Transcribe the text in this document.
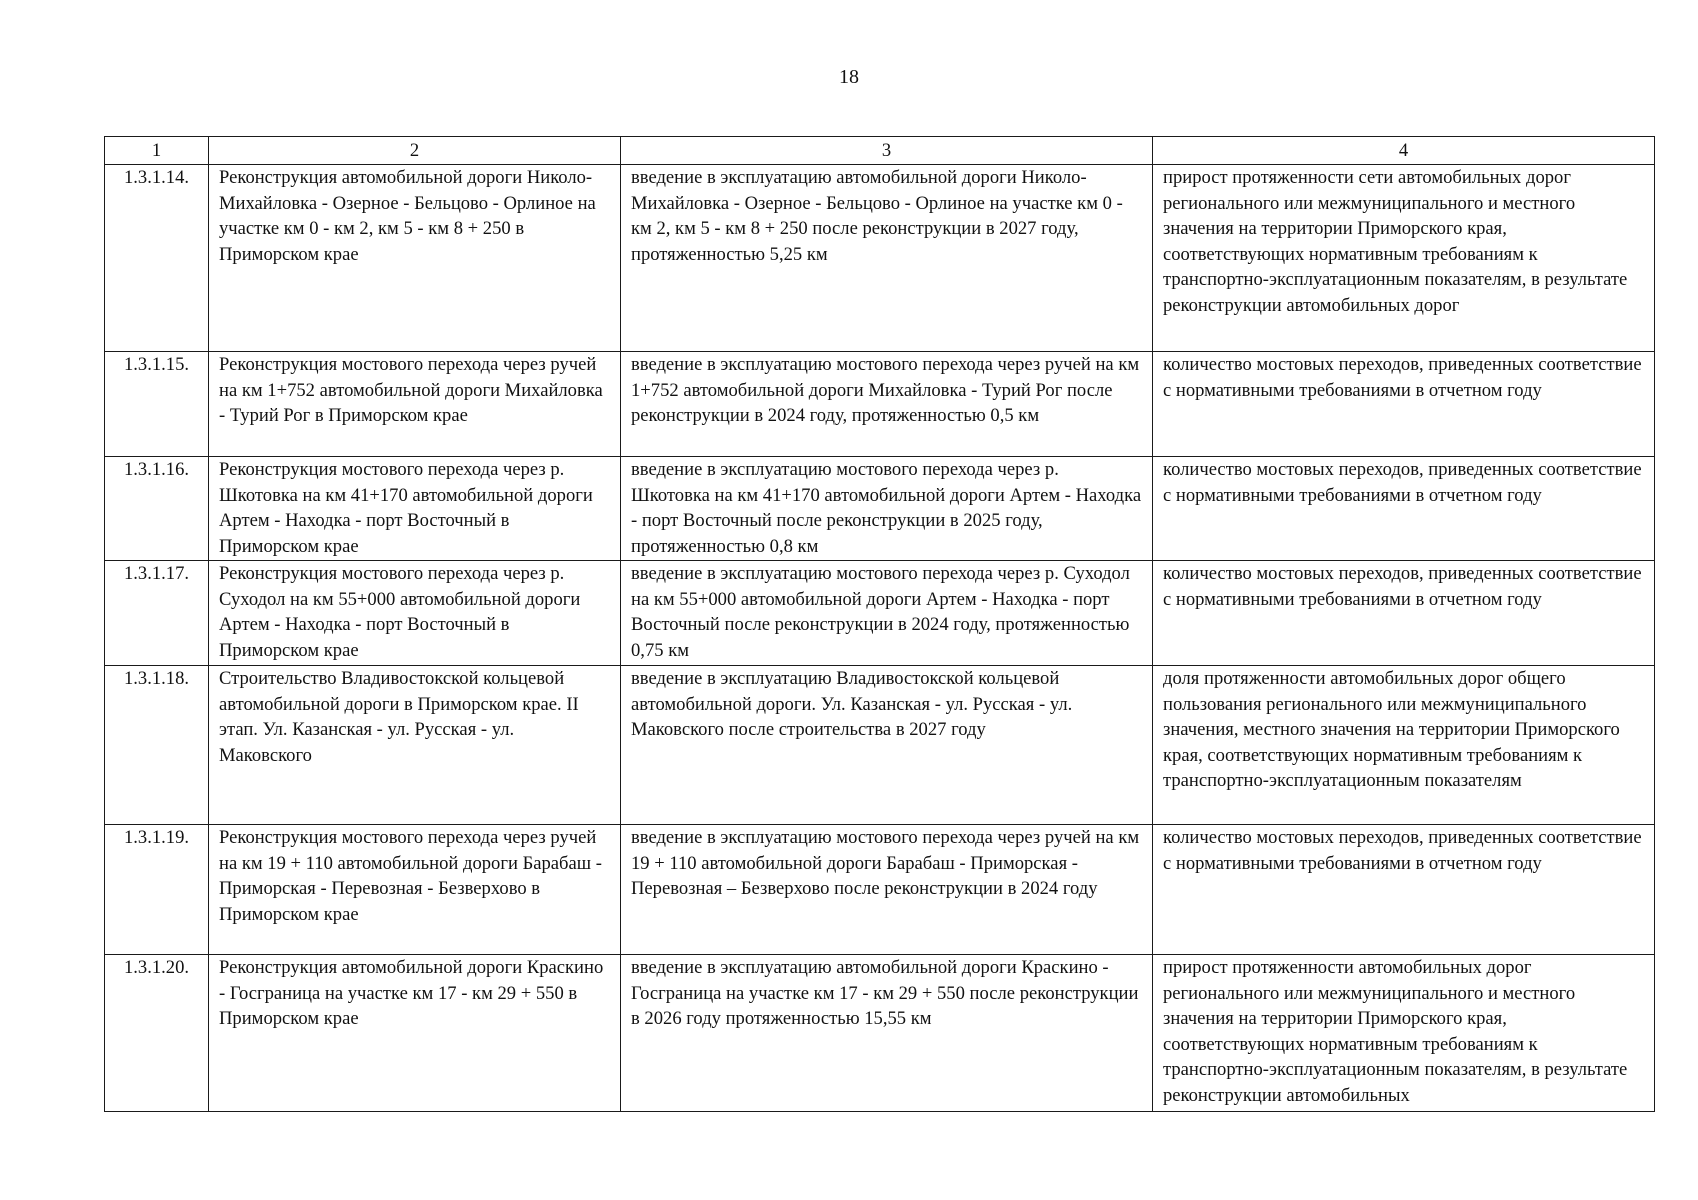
18
1	2	3	4
1.3.1.14.	Реконструкция автомобильной дороги Николо-Михайловка - Озерное - Бельцово - Орлиное на участке км 0 - км 2, км 5 - км 8 + 250 в Приморском крае	введение в эксплуатацию автомобильной дороги Николо-Михайловка - Озерное - Бельцово - Орлиное на участке км 0 - км 2, км 5 - км 8 + 250 после реконструкции в 2027 году, протяженностью 5,25 км	прирост протяженности сети автомобильных дорог регионального или межмуниципального и местного значения на территории Приморского края, соответствующих нормативным требованиям к транспортно-эксплуатационным показателям, в результате реконструкции автомобильных дорог
1.3.1.15.	Реконструкция мостового перехода через ручей на км 1+752 автомобильной дороги Михайловка - Турий Рог в Приморском крае	введение в эксплуатацию мостового перехода через ручей на км 1+752 автомобильной дороги Михайловка - Турий Рог после реконструкции в 2024 году, протяженностью 0,5 км	количество мостовых переходов, приведенных соответствие с нормативными требованиями в отчетном году
1.3.1.16.	Реконструкция мостового перехода через р. Шкотовка на км 41+170 автомобильной дороги Артем - Находка - порт Восточный в Приморском крае	введение в эксплуатацию мостового перехода через р. Шкотовка на км 41+170 автомобильной дороги Артем - Находка - порт Восточный после реконструкции в 2025 году, протяженностью 0,8 км	количество мостовых переходов, приведенных соответствие с нормативными требованиями в отчетном году
1.3.1.17.	Реконструкция мостового перехода через р. Суходол на км 55+000 автомобильной дороги Артем - Находка - порт Восточный в Приморском крае	введение в эксплуатацию мостового перехода через р. Суходол на км 55+000 автомобильной дороги Артем - Находка - порт Восточный после реконструкции в 2024 году, протяженностью 0,75 км	количество мостовых переходов, приведенных соответствие с нормативными требованиями в отчетном году
1.3.1.18.	Строительство Владивостокской кольцевой автомобильной дороги в Приморском крае. II этап. Ул. Казанская - ул. Русская - ул. Маковского	введение в эксплуатацию Владивостокской кольцевой автомобильной дороги. Ул. Казанская - ул. Русская - ул. Маковского после строительства в 2027 году	доля протяженности автомобильных дорог общего пользования регионального или межмуниципального значения, местного значения на территории Приморского края, соответствующих нормативным требованиям к транспортно-эксплуатационным показателям
1.3.1.19.	Реконструкция мостового перехода через ручей на км 19 + 110 автомобильной дороги Барабаш - Приморская - Перевозная - Безверхово в Приморском крае	введение в эксплуатацию мостового перехода через ручей на км 19 + 110 автомобильной дороги Барабаш - Приморская - Перевозная – Безверхово после реконструкции в 2024 году	количество мостовых переходов, приведенных соответствие с нормативными требованиями в отчетном году
1.3.1.20.	Реконструкция автомобильной дороги Краскино - Госграница на участке км 17 - км 29 + 550 в Приморском крае	введение в эксплуатацию автомобильной дороги Краскино - Госграница на участке км 17 - км 29 + 550 после реконструкции в 2026 году протяженностью 15,55 км	прирост протяженности автомобильных дорог регионального или межмуниципального и местного значения на территории Приморского края, соответствующих нормативным требованиям к транспортно-эксплуатационным показателям, в результате реконструкции автомобильных
